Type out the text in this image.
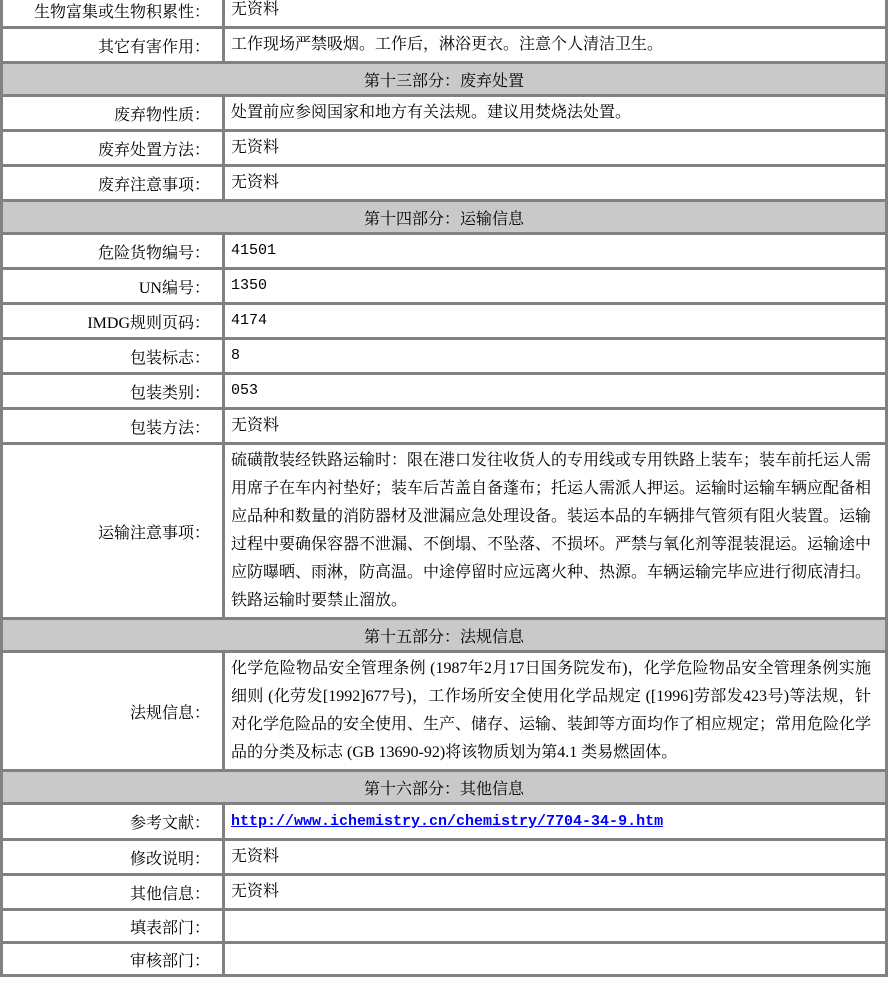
生物富集或生物积累性：	无资料
其它有害作用：	工作现场严禁吸烟。工作后，淋浴更衣。注意个人清洁卫生。
第十三部分：废弃处置	
废弃物性质：	处置前应参阅国家和地方有关法规。建议用焚烧法处置。
废弃处置方法：	无资料
废弃注意事项：	无资料
第十四部分：运输信息	
危险货物编号：	41501
UN编号：	1350
IMDG规则页码：	4174
包装标志：	8
包装类别：	053
包装方法：	无资料
运输注意事项：	硫磺散装经铁路运输时：限在港口发往收货人的专用线或专用铁路上装车；装车前托运人需用席子在车内衬垫好；装车后苫盖自备蓬布；托运人需派人押运。运输时运输车辆应配备相应品种和数量的消防器材及泄漏应急处理设备。装运本品的车辆排气管须有阻火装置。运输过程中要确保容器不泄漏、不倒塌、不坠落、不损坏。严禁与氧化剂等混装混运。运输途中应防曝晒、雨淋，防高温。中途停留时应远离火种、热源。车辆运输完毕应进行彻底清扫。铁路运输时要禁止溜放。
第十五部分：法规信息	
法规信息：	化学危险物品安全管理条例 (1987年2月17日国务院发布)，化学危险物品安全管理条例实施细则 (化劳发[1992]677号)，工作场所安全使用化学品规定 ([1996]劳部发423号)等法规，针对化学危险品的安全使用、生产、储存、运输、装卸等方面均作了相应规定；常用危险化学品的分类及标志 (GB 13690-92)将该物质划为第4.1 类易燃固体。
第十六部分：其他信息	
参考文献：	http://www.ichemistry.cn/chemistry/7704-34-9.htm
修改说明：	无资料
其他信息：	无资料
填表部门：	
审核部门：	
